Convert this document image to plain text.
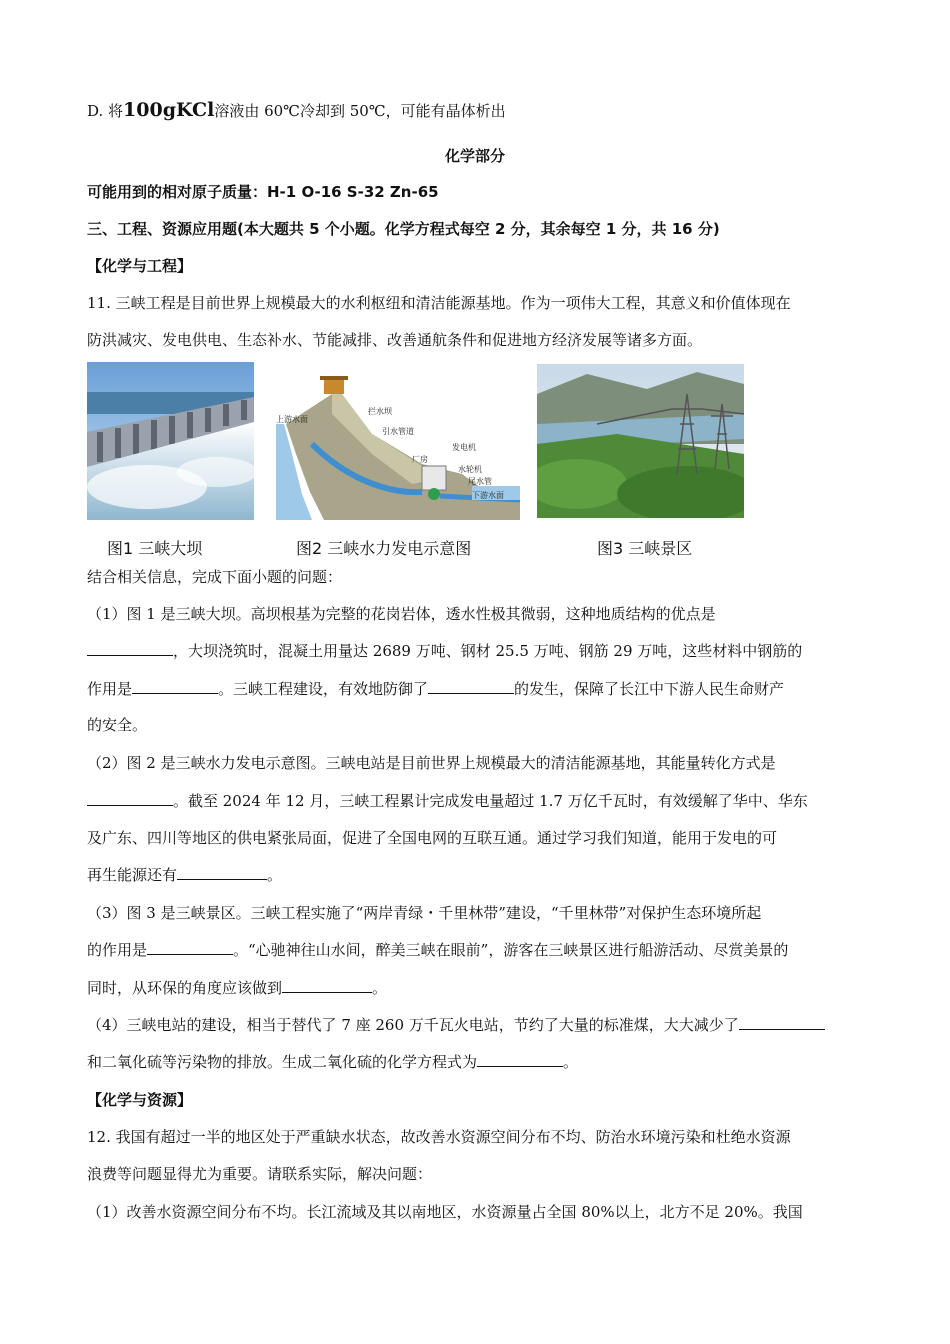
D. 将100gKCl溶液由 60℃冷却到 50℃，可能有晶体析出
化学部分
可能用到的相对原子质量：H-1 O-16 S-32 Zn-65
三、工程、资源应用题(本大题共 5 个小题。化学方程式每空 2 分，其余每空 1 分，共 16 分)
【化学与工程】
11. 三峡工程是目前世界上规模最大的水利枢纽和清洁能源基地。作为一项伟大工程，其意义和价值体现在
防洪减灾、发电供电、生态补水、节能减排、改善通航条件和促进地方经济发展等诸多方面。
上游水面
拦水坝
引水管道
发电机
厂房
水轮机
尾水管
下游水面
图1 三峡大坝	图2 三峡水力发电示意图	图3 三峡景区
结合相关信息，完成下面小题的问题：
（1）图 1 是三峡大坝。高坝根基为完整的花岗岩体，透水性极其微弱，这种地质结构的优点是
，大坝浇筑时，混凝土用量达 2689 万吨、钢材 25.5 万吨、钢筋 29 万吨，这些材料中钢筋的
作用是	。三峡工程建设，有效地防御了	的发生，保障了长江中下游人民生命财产
的安全。
（2）图 2 是三峡水力发电示意图。三峡电站是目前世界上规模最大的清洁能源基地，其能量转化方式是
。截至 2024 年 12 月，三峡工程累计完成发电量超过 1.7 万亿千瓦时，有效缓解了华中、华东
及广东、四川等地区的供电紧张局面，促进了全国电网的互联互通。通过学习我们知道，能用于发电的可
再生能源还有	。
（3）图 3 是三峡景区。三峡工程实施了“两岸青绿・千里林带”建设，“千里林带”对保护生态环境所起
的作用是	。“心驰神往山水间，醉美三峡在眼前”，游客在三峡景区进行船游活动、尽赏美景的
同时，从环保的角度应该做到	。
（4）三峡电站的建设，相当于替代了 7 座 260 万千瓦火电站，节约了大量的标准煤，大大减少了
和二氧化硫等污染物的排放。生成二氧化硫的化学方程式为	。
【化学与资源】
12. 我国有超过一半的地区处于严重缺水状态，故改善水资源空间分布不均、防治水环境污染和杜绝水资源
浪费等问题显得尤为重要。请联系实际，解决问题：
（1）改善水资源空间分布不均。长江流域及其以南地区，水资源量占全国 80%以上，北方不足 20%。我国
